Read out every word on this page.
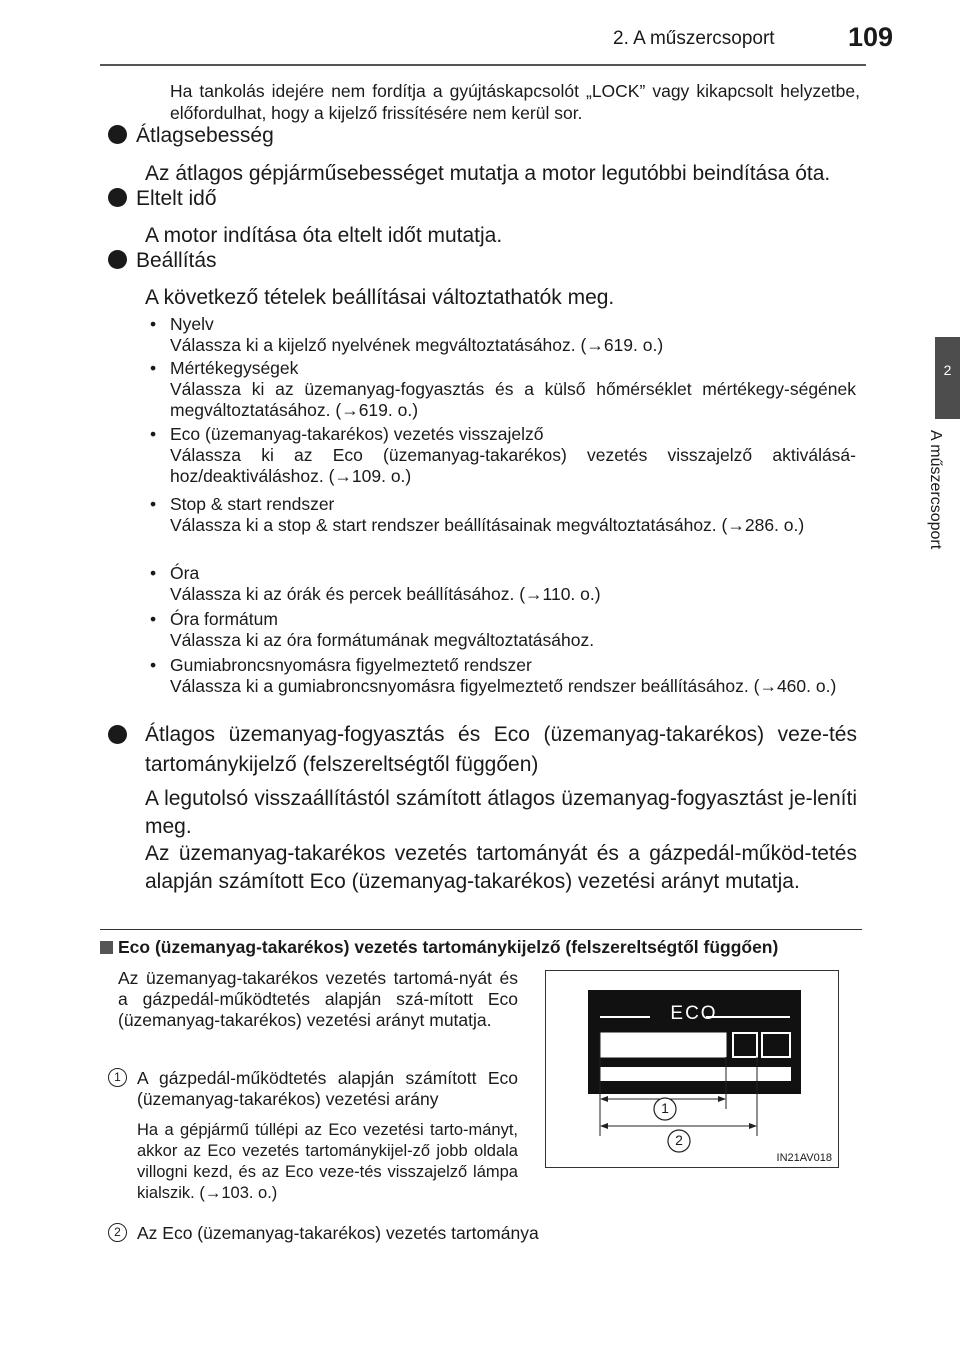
2. A műszercsoport	109
2
A műszercsoport
Ha tankolás idejére nem fordítja a gyújtáskapcsolót „LOCK” vagy kikapcsolt helyzetbe, előfordulhat, hogy a kijelző frissítésére nem kerül sor.
Átlagsebesség
Az átlagos gépjárműsebességet mutatja a motor legutóbbi beindítása óta.
Eltelt idő
A motor indítása óta eltelt időt mutatja.
Beállítás
A következő tételek beállításai változtathatók meg.
• Nyelv
Válassza ki a kijelző nyelvének megváltoztatásához. (→619. o.)
• Mértékegységek
Válassza ki az üzemanyag-fogyasztás és a külső hőmérséklet mértékegy-ségének megváltoztatásához. (→619. o.)
• Eco (üzemanyag-takarékos) vezetés visszajelző
Válassza ki az Eco (üzemanyag-takarékos) vezetés visszajelző aktiválásá-hoz/deaktiváláshoz. (→109. o.)
• Stop & start rendszer
Válassza ki a stop & start rendszer beállításainak megváltoztatásához. (→286. o.)
• Óra
Válassza ki az órák és percek beállításához. (→110. o.)
• Óra formátum
Válassza ki az óra formátumának megváltoztatásához.
• Gumiabroncsnyomásra figyelmeztető rendszer
Válassza ki a gumiabroncsnyomásra figyelmeztető rendszer beállításához. (→460. o.)
Átlagos üzemanyag-fogyasztás és Eco (üzemanyag-takarékos) veze-tés tartománykijelző (felszereltségtől függően)
A legutolsó visszaállítástól számított átlagos üzemanyag-fogyasztást je-leníti meg.
Az üzemanyag-takarékos vezetés tartományát és a gázpedál-működ-tetés alapján számított Eco (üzemanyag-takarékos) vezetési arányt mutatja.
Eco (üzemanyag-takarékos) vezetés tartománykijelző (felszereltségtől függően)
Az üzemanyag-takarékos vezetés tartomá-nyát és a gázpedál-működtetés alapján szá-mított Eco (üzemanyag-takarékos) vezetési arányt mutatja.
1 A gázpedál-működtetés alapján számított Eco (üzemanyag-takarékos) vezetési arány
Ha a gépjármű túllépi az Eco vezetési tarto-mányt, akkor az Eco vezetés tartománykijel-ző jobb oldala villogni kezd, és az Eco veze-tés visszajelző lámpa kialszik. (→103. o.)
2 Az Eco (üzemanyag-takarékos) vezetés tartománya
ECO
1
2
IN21AV018
